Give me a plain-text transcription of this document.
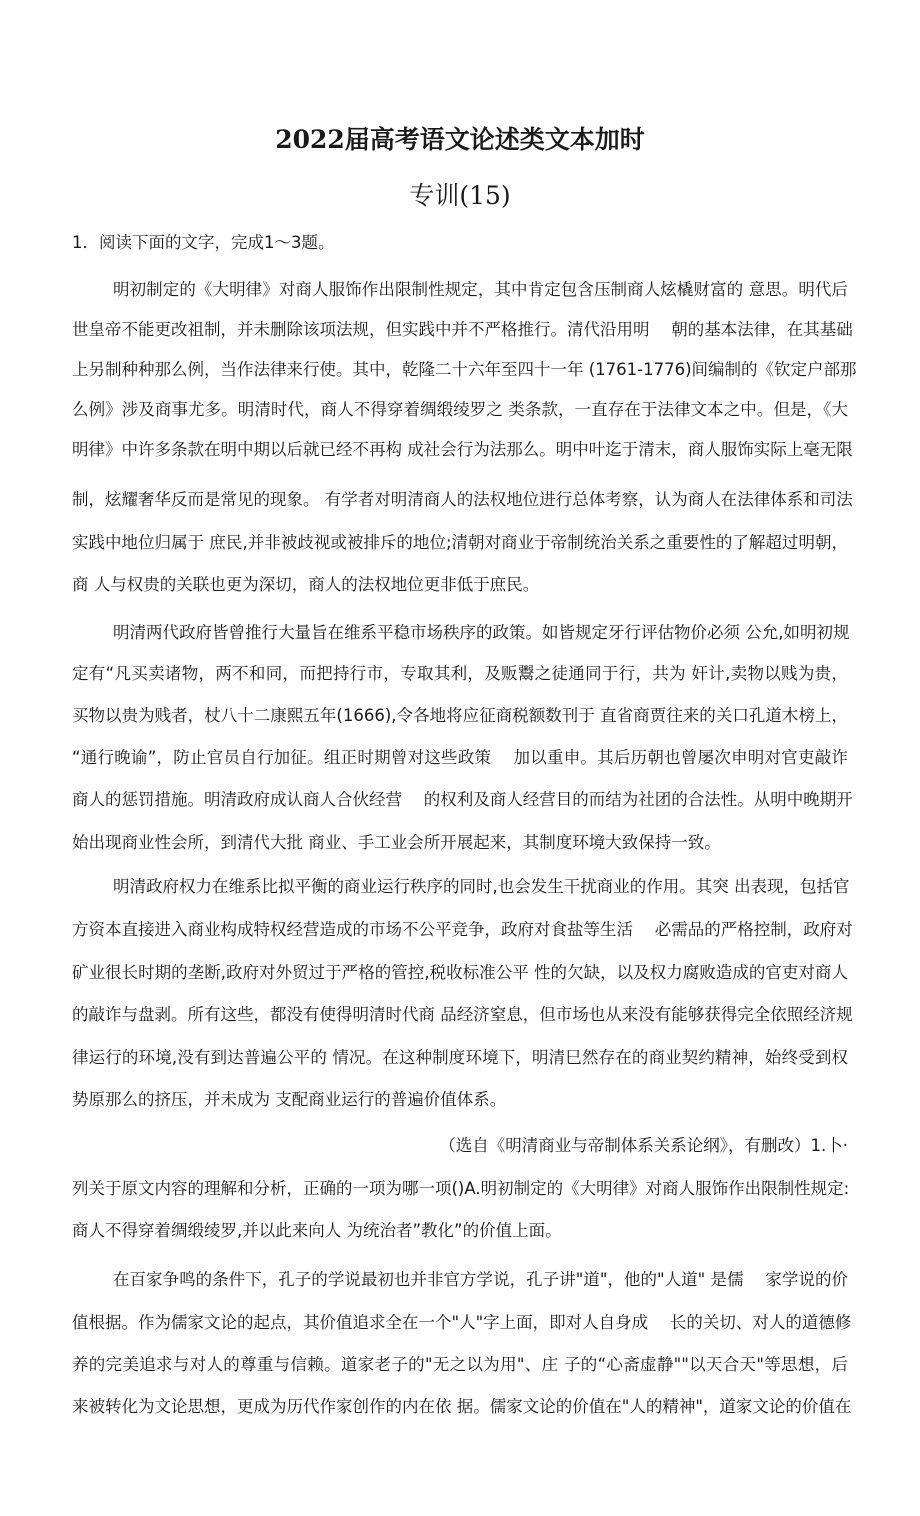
2022届高考语文论述类文本加时
专训(15)
1．阅读下面的文字，完成1〜3题。
明初制定的《大明律》对商人服饰作出限制性规定，其中肯定包含压制商人炫橇财富的 意思。明代后
世皇帝不能更改祖制，并未删除该项法规，但实践中并不严格推行。清代沿用明　 朝的基本法律，在其基础
上另制种种那么例，当作法律来行使。其中，乾隆二十六年至四十一年 (1761-1776)间编制的《钦定户部那
么例》涉及商事尤多。明清时代，商人不得穿着绸缎绫罗之 类条款，一直存在于法律文本之中。但是，《大
明律》中许多条款在明中期以后就已经不再构 成社会行为法那么。明中叶迄于清末，商人服饰实际上毫无限
制，炫耀奢华反而是常见的现象。 有学者对明清商人的法权地位进行总体考察，认为商人在法律体系和司法
实践中地位归属于 庶民,并非被歧视或被排斥的地位;清朝对商业于帝制统治关系之重要性的了解超过明朝，
商 人与权贵的关联也更为深切，商人的法权地位更非低于庶民。
明清两代政府皆曾推行大量旨在维系平稳市场秩序的政策。如皆规定牙行评估物价必须 公允,如明初规
定有“凡买卖诸物，两不和同，而把持行市，专取其利，及贩鬻之徒通同于行，共为 奸计,卖物以贱为贵，
买物以贵为贱者，杖八十二康熙五年(1666),令各地将应征商税额数刊于 直省商贾往来的关口孔道木榜上，
“通行晚谕”，防止官员自行加征。组正时期曾对这些政策　 加以重申。其后历朝也曾屡次申明对官吏敲诈
商人的惩罚措施。明清政府成认商人合伙经营　 的权利及商人经营目的而结为社团的合法性。从明中晚期开
始出现商业性会所，到清代大批 商业、手工业会所开展起来，其制度环境大致保持一致。
明清政府权力在维系比拟平衡的商业运行秩序的同时,也会发生干扰商业的作用。其突 出表现，包括官
方资本直接进入商业构成特权经营造成的市场不公平竞争，政府对食盐等生活　 必需品的严格控制，政府对
矿业很长时期的垄断,政府对外贸过于严格的管控,税收标准公平 性的欠缺，以及权力腐败造成的官吏对商人
的敲诈与盘剥。所有这些，都没有使得明清时代商 品经济窒息，但市场也从来没有能够获得完全依照经济规
律运行的环境,没有到达普遍公平的 情况。在这种制度环境下，明清巳然存在的商业契约精神，始终受到权
势原那么的挤压，并未成为 支配商业运行的普遍价值体系。
（选自《明清商业与帝制体系关系论纲》，有删改）1.卜·
列关于原文内容的理解和分析，正确的一项为哪一项()A.明初制定的《大明律》对商人服饰作出限制性规定:
商人不得穿着绸缎绫罗,并以此来向人 为统治者”教化”的价值上面。
在百家争鸣的条件下，孔子的学说最初也并非官方学说，孔子讲"道"，他的"人道" 是儒　 家学说的价
值根据。作为儒家文论的起点，其价值追求全在一个"人"字上面，即对人自身成　 长的关切、对人的道德修
养的完美追求与对人的尊重与信赖。道家老子的"无之以为用"、庄 子的“心斋虚静""以天合天"等思想，后
来被转化为文论思想，更成为历代作家创作的内在依 据。儒家文论的价值在"人的精神"，道家文论的价值在
